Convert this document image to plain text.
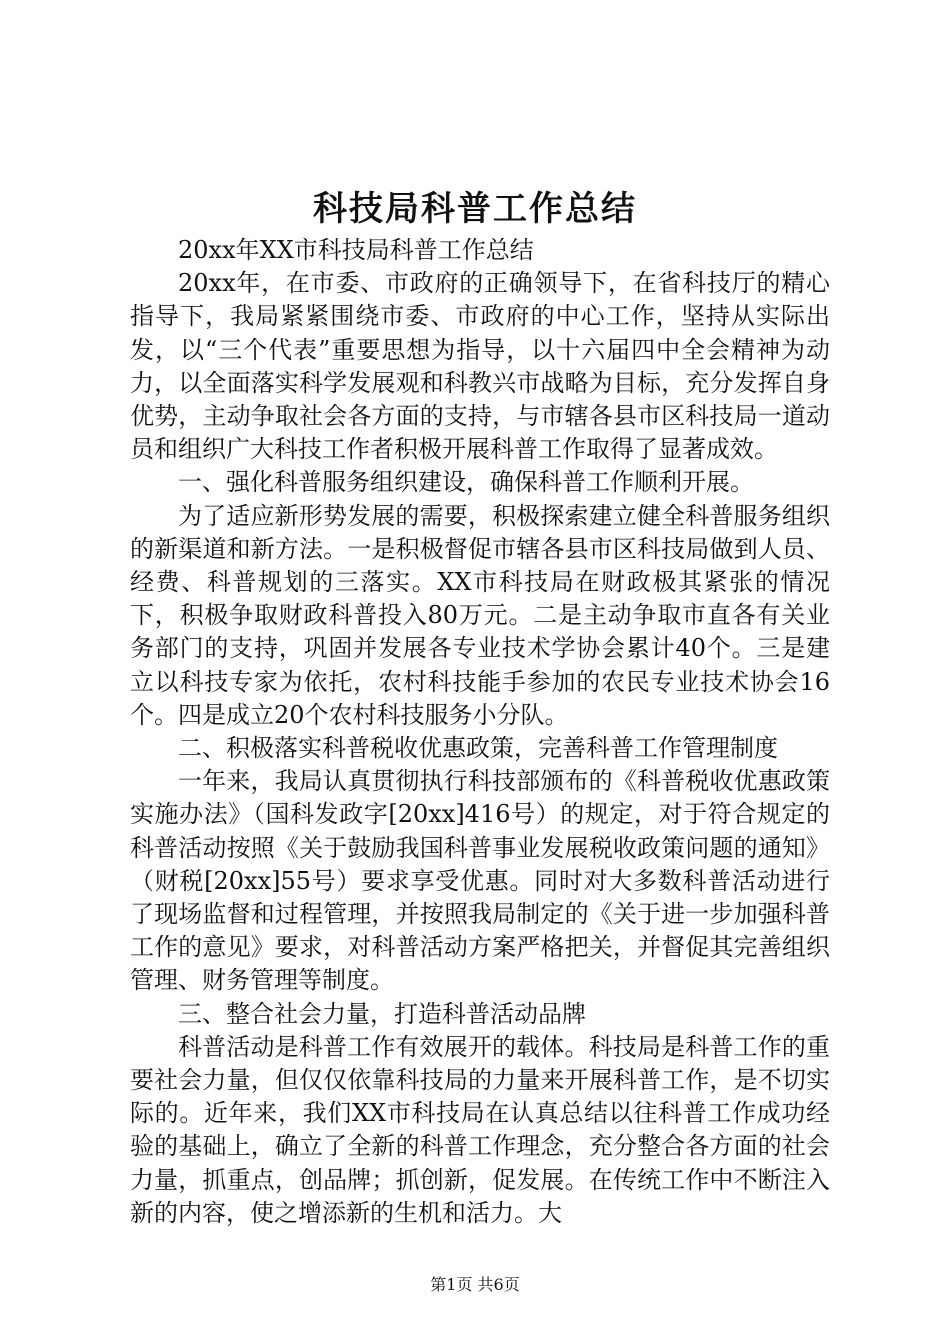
科技局科普工作总结

20xx年XX市科技局科普工作总结

20xx年，在市委、市政府的正确领导下，在省科技厅的精心指导下，我局紧紧围绕市委、市政府的中心工作，坚持从实际出发，以“三个代表”重要思想为指导，以十六届四中全会精神为动力，以全面落实科学发展观和科教兴市战略为目标，充分发挥自身优势，主动争取社会各方面的支持，与市辖各县市区科技局一道动员和组织广大科技工作者积极开展科普工作取得了显著成效。

一、强化科普服务组织建设，确保科普工作顺利开展。

为了适应新形势发展的需要，积极探索建立健全科普服务组织的新渠道和新方法。一是积极督促市辖各县市区科技局做到人员、经费、科普规划的三落实。XX市科技局在财政极其紧张的情况下，积极争取财政科普投入80万元。二是主动争取市直各有关业务部门的支持，巩固并发展各专业技术学协会累计40个。三是建立以科技专家为依托，农村科技能手参加的农民专业技术协会16个。四是成立20个农村科技服务小分队。

二、积极落实科普税收优惠政策，完善科普工作管理制度

一年来，我局认真贯彻执行科技部颁布的《科普税收优惠政策实施办法》（国科发政字[20xx]416号）的规定，对于符合规定的科普活动按照《关于鼓励我国科普事业发展税收政策问题的通知》（财税[20xx]55号）要求享受优惠。同时对大多数科普活动进行了现场监督和过程管理，并按照我局制定的《关于进一步加强科普工作的意见》要求，对科普活动方案严格把关，并督促其完善组织管理、财务管理等制度。

三、整合社会力量，打造科普活动品牌

科普活动是科普工作有效展开的载体。科技局是科普工作的重要社会力量，但仅仅依靠科技局的力量来开展科普工作，是不切实际的。近年来，我们XX市科技局在认真总结以往科普工作成功经验的基础上，确立了全新的科普工作理念，充分整合各方面的社会力量，抓重点，创品牌；抓创新，促发展。在传统工作中不断注入新的内容，使之增添新的生机和活力。大

第1页 共6页
